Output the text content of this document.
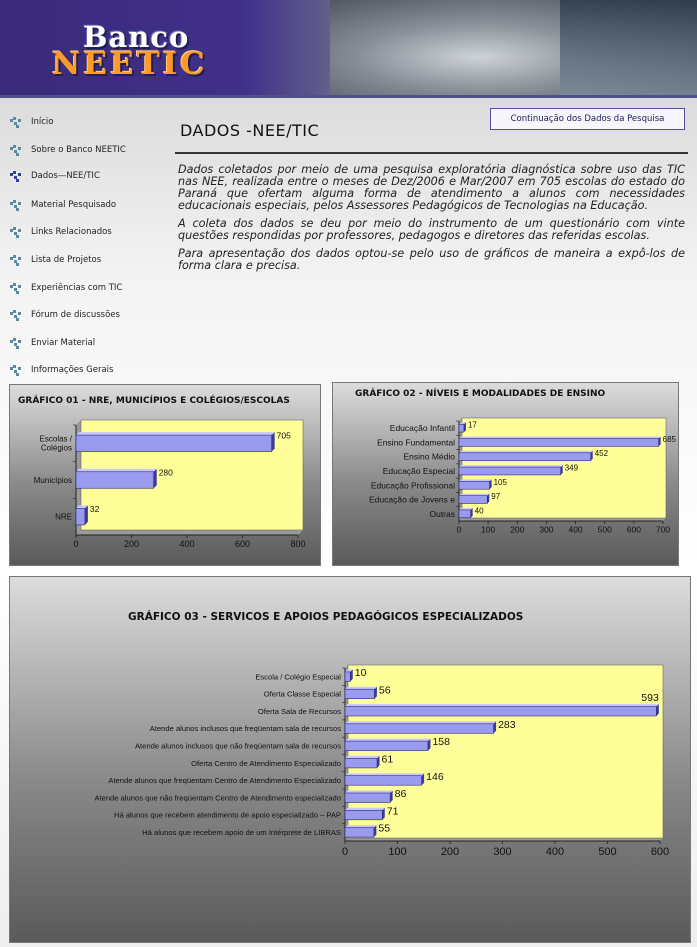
Banco
NEETIC
Início
Sobre o Banco NEETIC
Dados—NEE/TIC
Material Pesquisado
Links Relacionados
Lista de Projetos
Experiências com TIC
Fórum de discussões
Enviar Material
Informações Gerais
Continuação dos Dados da Pesquisa
DADOS -NEE/TIC

Dados coletados por meio de uma pesquisa exploratória diagnóstica sobre uso das TIC nas NEE, realizada entre o meses de Dez/2006 e Mar/2007 em 705 escolas do estado do Paraná que ofertam alguma forma de atendimento a alunos com necessidades educacionais especiais, pelos Assessores Pedagógicos de Tecnologias na Educação.

A coleta dos dados se deu por meio do instrumento de um questionário com vinte questões respondidas por professores, pedagogos e diretores das referidas escolas.

Para apresentação dos dados optou-se pelo uso de gráficos de maneira a expô-los de forma clara e precisa.

GRÁFICO 01 - NRE, MUNICÍPIOS E COLÉGIOS/ESCOLAS
0	200	400	600	800
Escolas /
Colégios
705
Municípios
280
NRE
32
GRÁFICO 02 - NÍVEIS E MODALIDADES DE ENSINO
0 100 200 300 400 500 600 700
Educação Infantil 17
Ensino Fundamental	685
Ensino Médio	452
Educação Especial	349
Educação Profissional	105
Educação de Jovens e	97
Outras 40
GRÁFICO 03 - SERVICOS E APOIOS PEDAGÓGICOS ESPECIALIZADOS
0	100	200	300	400	500	600
Escola / Colégio Especial 10
Oferta Classe Especial	56
Oferta Sala de Recursos
593
Atende alunos inclusos que freqüentam sala de recursos	283
Atende alunos inclusos que não freqüentam sala de recursos	158
Oferta Centro de Atendimento Especializado	61
Atende alunos que freqüentam Centro de Atendimento Especializado	146
Atende alunos que não freqüentam Centro de Atendimento especializado	86
Há alunos que recebem atendimento de apoio especializado – PAP	71
Há alunos que recebem apoio de um Intérprete de LIBRAS	55
